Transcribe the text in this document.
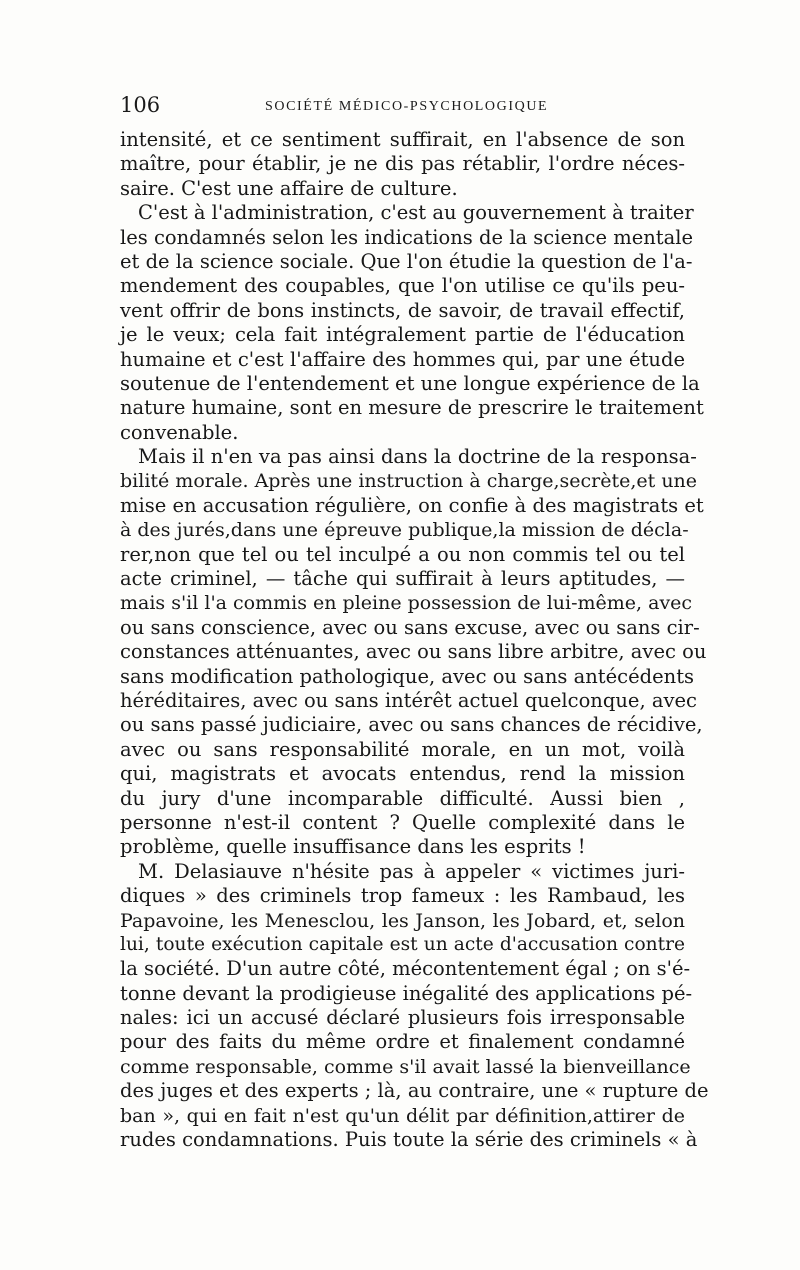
106	SOCIÉTÉ MÉDICO-PSYCHOLOGIQUE
intensité, et ce sentiment suffirait, en l'absence de son
maître, pour établir, je ne dis pas rétablir, l'ordre néces-
saire. C'est une affaire de culture.
C'est à l'administration, c'est au gouvernement à traiter
les condamnés selon les indications de la science mentale
et de la science sociale. Que l'on étudie la question de l'a-
mendement des coupables, que l'on utilise ce qu'ils peu-
vent offrir de bons instincts, de savoir, de travail effectif,
je le veux; cela fait intégralement partie de l'éducation
humaine et c'est l'affaire des hommes qui, par une étude
soutenue de l'entendement et une longue expérience de la
nature humaine, sont en mesure de prescrire le traitement
convenable.
Mais il n'en va pas ainsi dans la doctrine de la responsa-
bilité morale. Après une instruction à charge,secrète,et une
mise en accusation régulière, on confie à des magistrats et
à des jurés,dans une épreuve publique,la mission de décla-
rer,non que tel ou tel inculpé a ou non commis tel ou tel
acte criminel, — tâche qui suffirait à leurs aptitudes, —
mais s'il l'a commis en pleine possession de lui-même, avec
ou sans conscience, avec ou sans excuse, avec ou sans cir-
constances atténuantes, avec ou sans libre arbitre, avec ou
sans modification pathologique, avec ou sans antécédents
héréditaires, avec ou sans intérêt actuel quelconque, avec
ou sans passé judiciaire, avec ou sans chances de récidive,
avec ou sans responsabilité morale, en un mot, voilà
qui, magistrats et avocats entendus, rend la mission
du jury d'une incomparable difficulté. Aussi bien ,
personne n'est-il content ? Quelle complexité dans le
problème, quelle insuffisance dans les esprits !
M. Delasiauve n'hésite pas à appeler « victimes juri-
diques » des criminels trop fameux : les Rambaud, les
Papavoine, les Menesclou, les Janson, les Jobard, et, selon
lui, toute exécution capitale est un acte d'accusation contre
la société. D'un autre côté, mécontentement égal ; on s'é-
tonne devant la prodigieuse inégalité des applications pé-
nales: ici un accusé déclaré plusieurs fois irresponsable
pour des faits du même ordre et finalement condamné
comme responsable, comme s'il avait lassé la bienveillance
des juges et des experts ; là, au contraire, une « rupture de
ban », qui en fait n'est qu'un délit par définition,attirer de
rudes condamnations. Puis toute la série des criminels « à
